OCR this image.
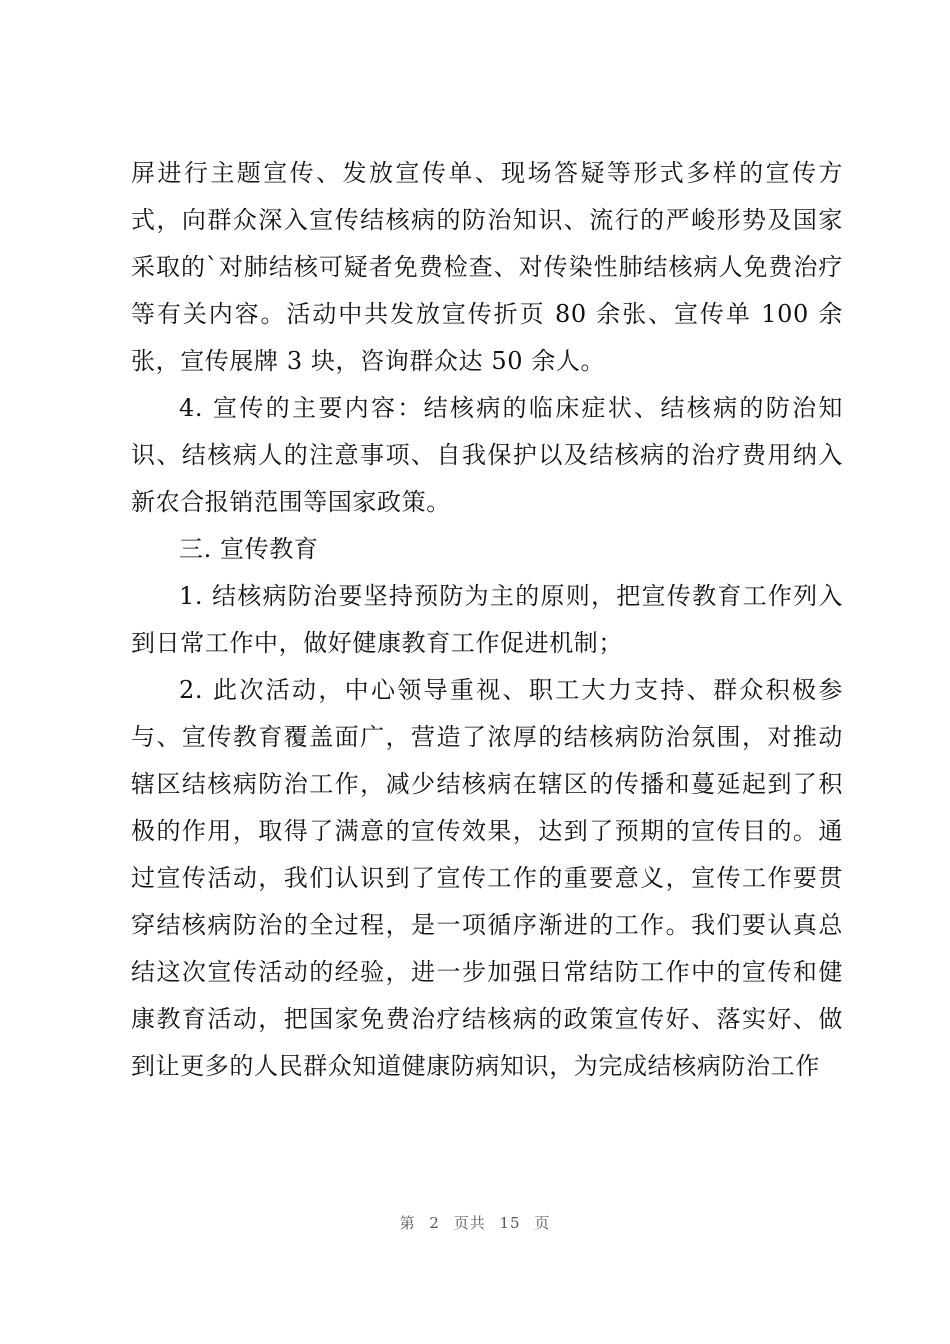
屏进行主题宣传、发放宣传单、现场答疑等形式多样的宣传方式，向群众深入宣传结核病的防治知识、流行的严峻形势及国家采取的`对肺结核可疑者免费检查、对传染性肺结核病人免费治疗等有关内容。活动中共发放宣传折页 80 余张、宣传单 100 余张，宣传展牌 3 块，咨询群众达 50 余人。

4. 宣传的主要内容：结核病的临床症状、结核病的防治知识、结核病人的注意事项、自我保护以及结核病的治疗费用纳入新农合报销范围等国家政策。

三. 宣传教育

1. 结核病防治要坚持预防为主的原则，把宣传教育工作列入到日常工作中，做好健康教育工作促进机制；

2. 此次活动，中心领导重视、职工大力支持、群众积极参与、宣传教育覆盖面广，营造了浓厚的结核病防治氛围，对推动辖区结核病防治工作，减少结核病在辖区的传播和蔓延起到了积极的作用，取得了满意的宣传效果，达到了预期的宣传目的。通过宣传活动，我们认识到了宣传工作的重要意义，宣传工作要贯穿结核病防治的全过程，是一项循序渐进的工作。我们要认真总结这次宣传活动的经验，进一步加强日常结防工作中的宣传和健康教育活动，把国家免费治疗结核病的政策宣传好、落实好、做到让更多的人民群众知道健康防病知识，为完成结核病防治工作

第 2 页共 15 页
